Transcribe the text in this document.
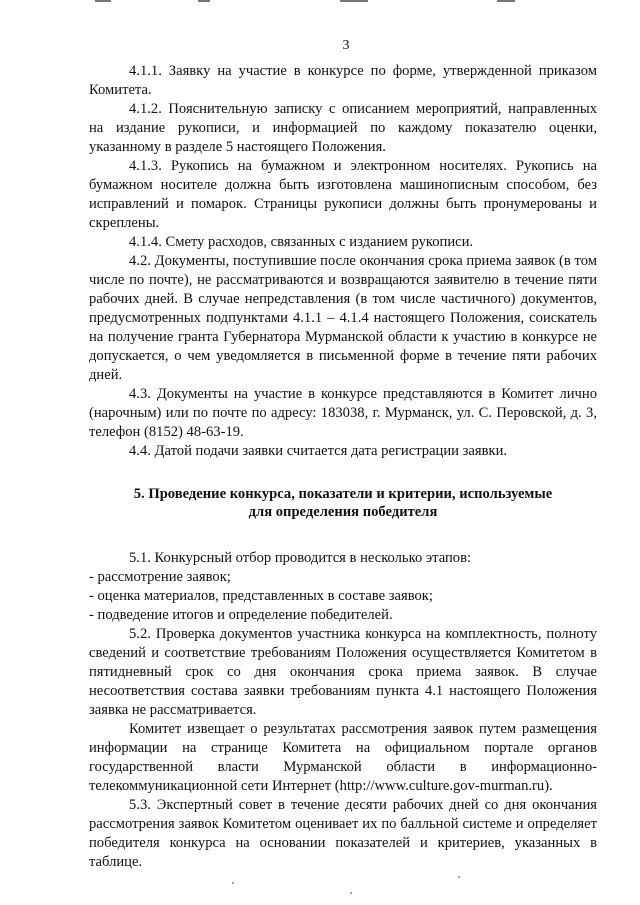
3

4.1.1. Заявку на участие в конкурсе по форме, утвержденной приказом Комитета.

4.1.2. Пояснительную записку с описанием мероприятий, направленных на издание рукописи, и информацией по каждому показателю оценки, указанному в разделе 5 настоящего Положения.

4.1.3. Рукопись на бумажном и электронном носителях. Рукопись на бумажном носителе должна быть изготовлена машинописным способом, без исправлений и помарок. Страницы рукописи должны быть пронумерованы и скреплены.

4.1.4. Смету расходов, связанных с изданием рукописи.

4.2. Документы, поступившие после окончания срока приема заявок (в том числе по почте), не рассматриваются и возвращаются заявителю в течение пяти рабочих дней. В случае непредставления (в том числе частичного) документов, предусмотренных подпунктами 4.1.1 – 4.1.4 настоящего Положения, соискатель на получение гранта Губернатора Мурманской области к участию в конкурсе не допускается, о чем уведомляется в письменной форме в течение пяти рабочих дней.

4.3. Документы на участие в конкурсе представляются в Комитет лично (нарочным) или по почте по адресу: 183038, г. Мурманск, ул. С. Перовской, д. 3, телефон (8152) 48-63-19.

4.4. Датой подачи заявки считается дата регистрации заявки.

5. Проведение конкурса, показатели и критерии, используемые
для определения победителя

5.1. Конкурсный отбор проводится в несколько этапов:

- рассмотрение заявок;

- оценка материалов, представленных в составе заявок;

- подведение итогов и определение победителей.

5.2. Проверка документов участника конкурса на комплектность, полноту сведений и соответствие требованиям Положения осуществляется Комитетом в пятидневный срок со дня окончания срока приема заявок. В случае несоответствия состава заявки требованиям пункта 4.1 настоящего Положения заявка не рассматривается.

Комитет извещает о результатах рассмотрения заявок путем размещения информации на странице Комитета на официальном портале органов государственной власти Мурманской области в информационно-телекоммуникационной сети Интернет (http://www.culture.gov-murman.ru).

5.3. Экспертный совет в течение десяти рабочих дней со дня окончания рассмотрения заявок Комитетом оценивает их по балльной системе и определяет победителя конкурса на основании показателей и критериев, указанных в таблице.
